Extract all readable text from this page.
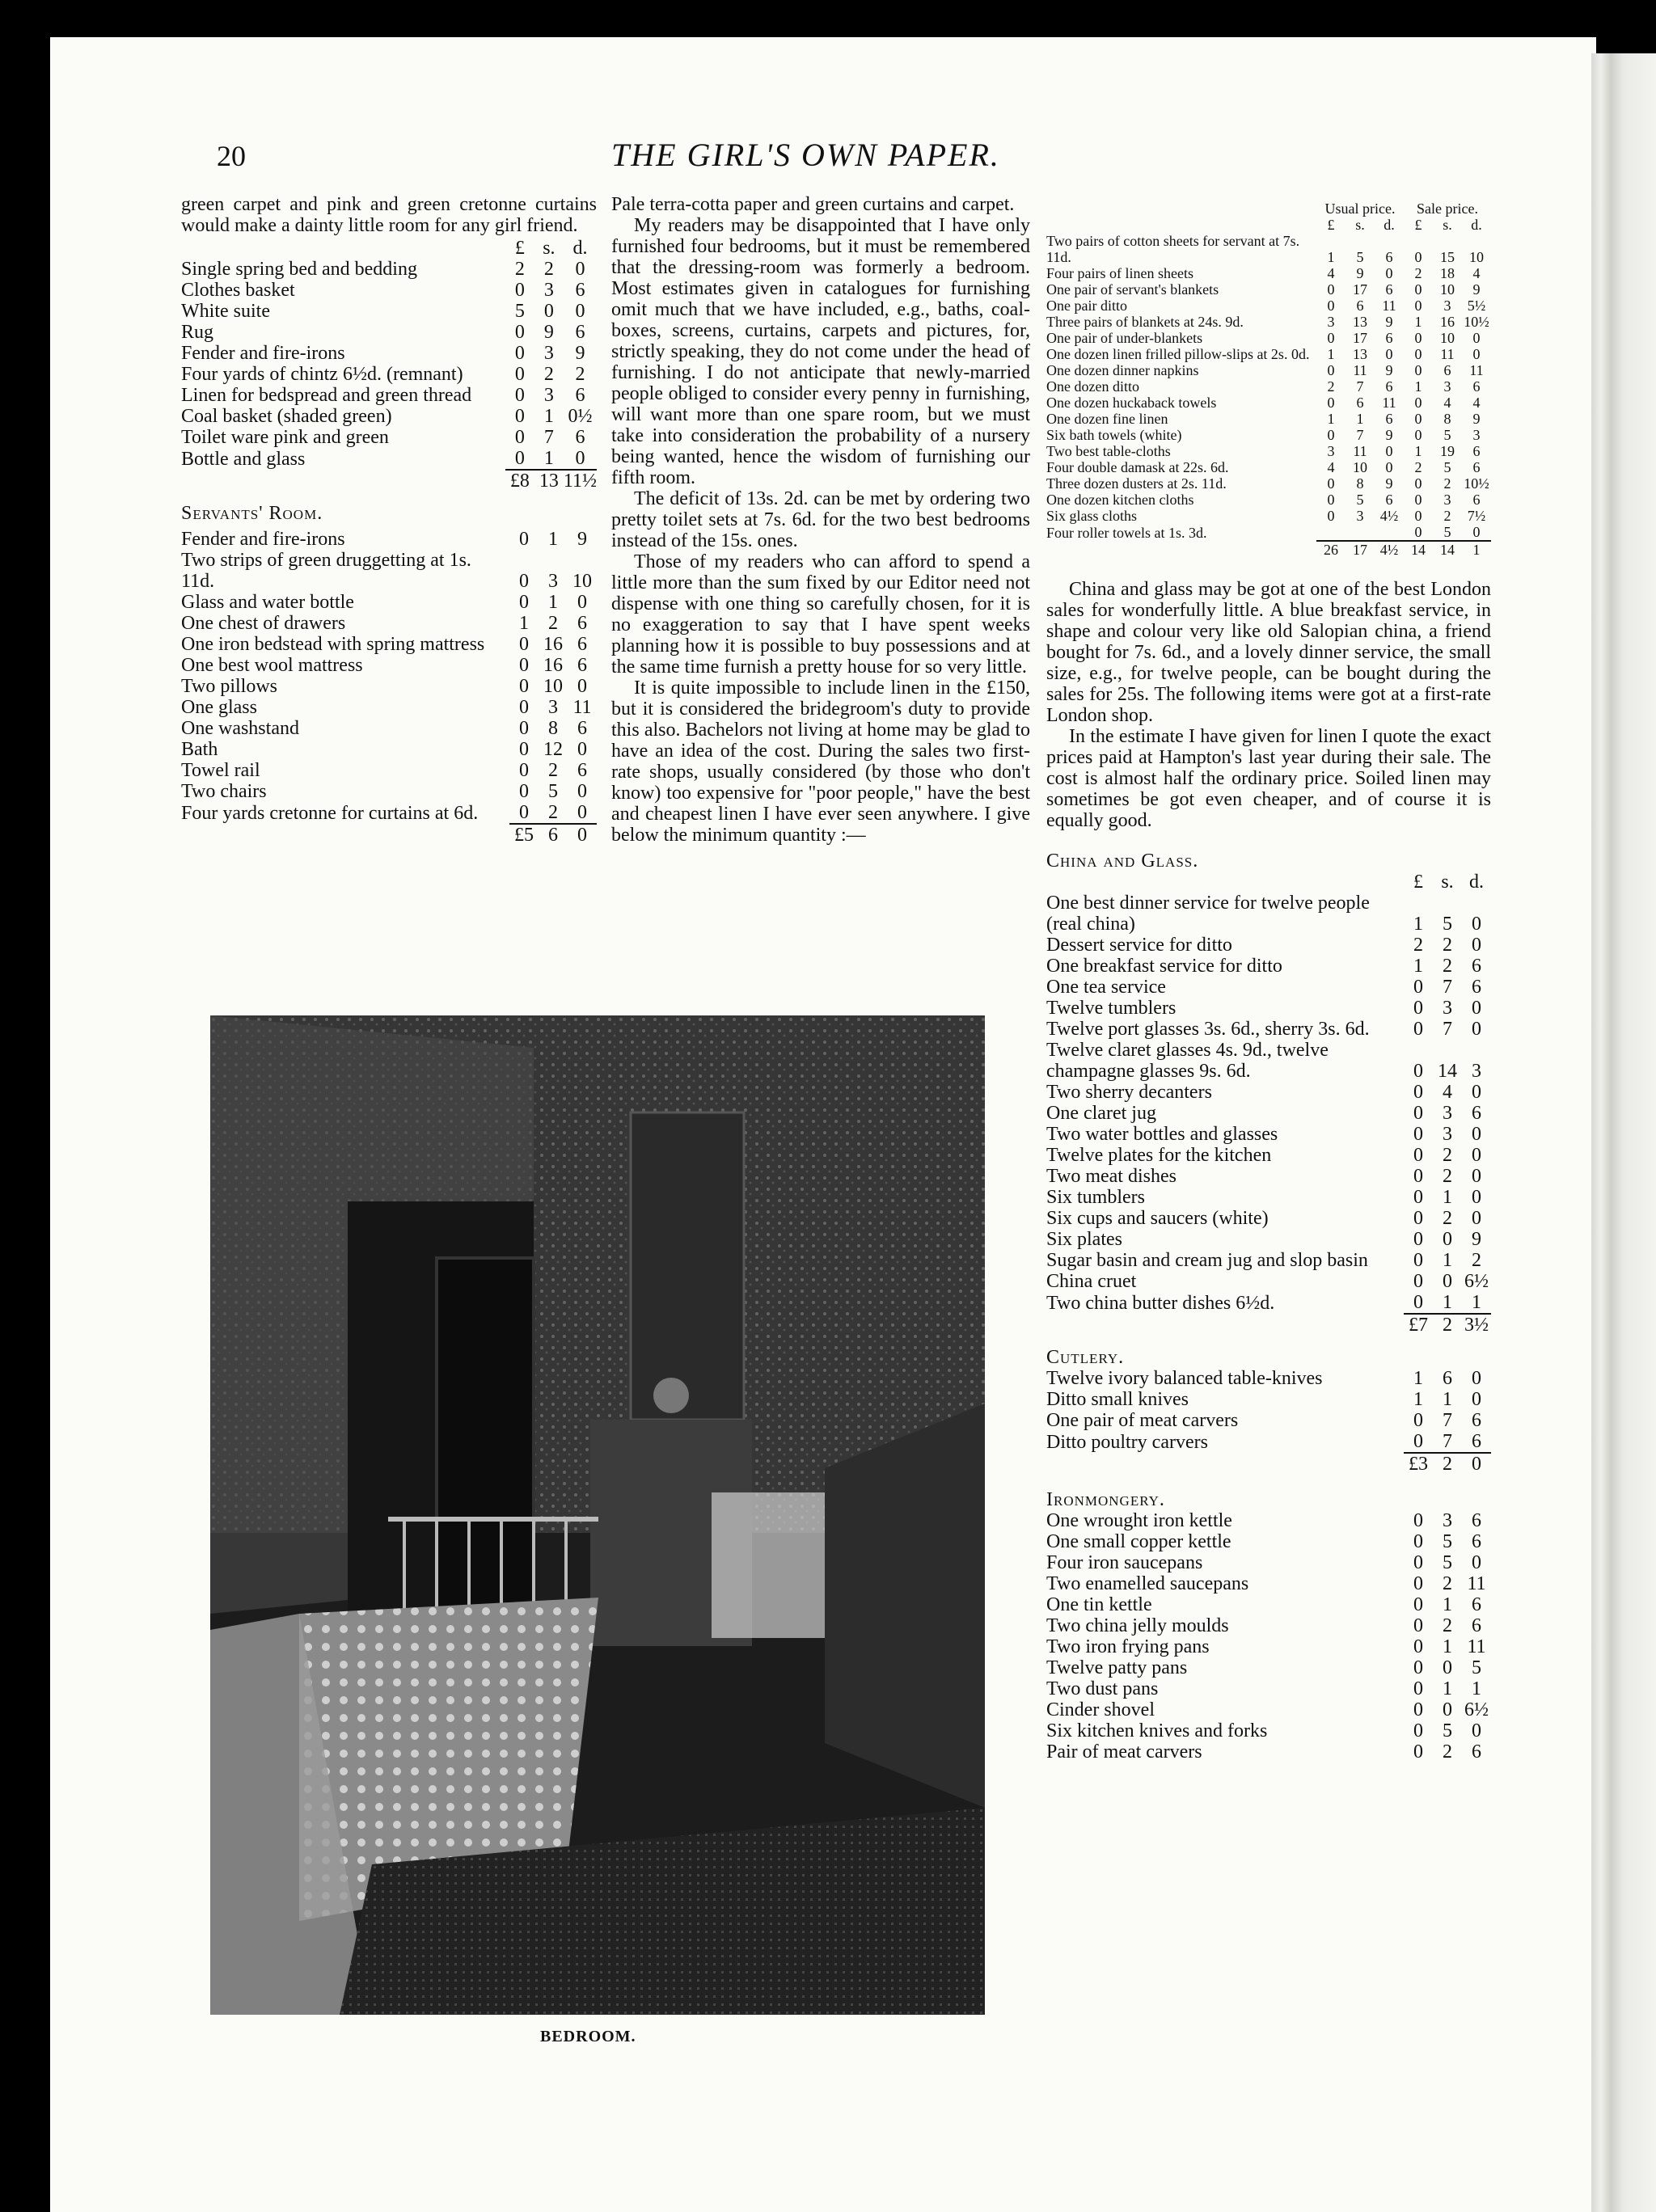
20	THE GIRL'S OWN PAPER.

green carpet and pink and green cretonne curtains would make a dainty little room for any girl friend.

	£	s.	d.
Single spring bed and bedding	2	2	0
Clothes basket	0	3	6
White suite	5	0	0
Rug	0	9	6
Fender and fire-irons	0	3	9
Four yards of chintz 6½d. (remnant)	0	2	2
Linen for bedspread and green thread	0	3	6
Coal basket (shaded green)	0	1	0½
Toilet ware pink and green	0	7	6
Bottle and glass	0	1	0
	£8	13	11½

Servants' Room.

Fender and fire-irons	0	1	9
Two strips of green druggetting at 1s. 11d.	0	3	10
Glass and water bottle	0	1	0
One chest of drawers	1	2	6
One iron bedstead with spring mattress	0	16	6
One best wool mattress	0	16	6
Two pillows	0	10	0
One glass	0	3	11
One washstand	0	8	6
Bath	0	12	0
Towel rail	0	2	6
Two chairs	0	5	0
Four yards cretonne for curtains at 6d.	0	2	0
	£5	6	0

Pale terra-cotta paper and green curtains and carpet.

My readers may be disappointed that I have only furnished four bedrooms, but it must be remembered that the dressing-room was formerly a bedroom. Most estimates given in catalogues for furnishing omit much that we have included, e.g., baths, coal-boxes, screens, curtains, carpets and pictures, for, strictly speaking, they do not come under the head of furnishing. I do not anticipate that newly-married people obliged to consider every penny in furnishing, will want more than one spare room, but we must take into consideration the probability of a nursery being wanted, hence the wisdom of furnishing our fifth room.

The deficit of 13s. 2d. can be met by ordering two pretty toilet sets at 7s. 6d. for the two best bedrooms instead of the 15s. ones.

Those of my readers who can afford to spend a little more than the sum fixed by our Editor need not dispense with one thing so carefully chosen, for it is no exaggeration to say that I have spent weeks planning how it is possible to buy possessions and at the same time furnish a pretty house for so very little.

It is quite impossible to include linen in the £150, but it is considered the bridegroom's duty to provide this also. Bachelors not living at home may be glad to have an idea of the cost. During the sales two first-rate shops, usually considered (by those who don't know) too expensive for "poor people," have the best and cheapest linen I have ever seen anywhere. I give below the minimum quantity :—

	Usual price.			Sale price.		
	£	s.	d.	£	s.	d.
Two pairs of cotton sheets for servant at 7s. 11d.	1	5	6	0	15	10
Four pairs of linen sheets	4	9	0	2	18	4
One pair of servant's blankets	0	17	6	0	10	9
One pair ditto	0	6	11	0	3	5½
Three pairs of blankets at 24s. 9d.	3	13	9	1	16	10½
One pair of under-blankets	0	17	6	0	10	0
One dozen linen frilled pillow-slips at 2s. 0d.	1	13	0	0	11	0
One dozen dinner napkins	0	11	9	0	6	11
One dozen ditto	2	7	6	1	3	6
One dozen huckaback towels	0	6	11	0	4	4
One dozen fine linen	1	1	6	0	8	9
Six bath towels (white)	0	7	9	0	5	3
Two best table-cloths	3	11	0	1	19	6
Four double damask at 22s. 6d.	4	10	0	2	5	6
Three dozen dusters at 2s. 11d.	0	8	9	0	2	10½
One dozen kitchen cloths	0	5	6	0	3	6
Six glass cloths	0	3	4½	0	2	7½
Four roller towels at 1s. 3d.				0	5	0
	26	17	4½	14	14	1

China and glass may be got at one of the best London sales for wonderfully little. A blue breakfast service, in shape and colour very like old Salopian china, a friend bought for 7s. 6d., and a lovely dinner service, the small size, e.g., for twelve people, can be bought during the sales for 25s. The following items were got at a first-rate London shop.

In the estimate I have given for linen I quote the exact prices paid at Hampton's last year during their sale. The cost is almost half the ordinary price. Soiled linen may sometimes be got even cheaper, and of course it is equally good.

China and Glass.

	£	s.	d.
One best dinner service for twelve people (real china)	1	5	0
Dessert service for ditto	2	2	0
One breakfast service for ditto	1	2	6
One tea service	0	7	6
Twelve tumblers	0	3	0
Twelve port glasses 3s. 6d., sherry 3s. 6d.	0	7	0
Twelve claret glasses 4s. 9d., twelve champagne glasses 9s. 6d.	0	14	3
Two sherry decanters	0	4	0
One claret jug	0	3	6
Two water bottles and glasses	0	3	0
Twelve plates for the kitchen	0	2	0
Two meat dishes	0	2	0
Six tumblers	0	1	0
Six cups and saucers (white)	0	2	0
Six plates	0	0	9
Sugar basin and cream jug and slop basin	0	1	2
China cruet	0	0	6½
Two china butter dishes 6½d.	0	1	1
	£7	2	3½

Cutlery.

Twelve ivory balanced table-knives	1	6	0
Ditto small knives	1	1	0
One pair of meat carvers	0	7	6
Ditto poultry carvers	0	7	6
	£3	2	0

Ironmongery.

One wrought iron kettle	0	3	6
One small copper kettle	0	5	6
Four iron saucepans	0	5	0
Two enamelled saucepans	0	2	11
One tin kettle	0	1	6
Two china jelly moulds	0	2	6
Two iron frying pans	0	1	11
Twelve patty pans	0	0	5
Two dust pans	0	1	1
Cinder shovel	0	0	6½
Six kitchen knives and forks	0	5	0
Pair of meat carvers	0	2	6
BEDROOM.
